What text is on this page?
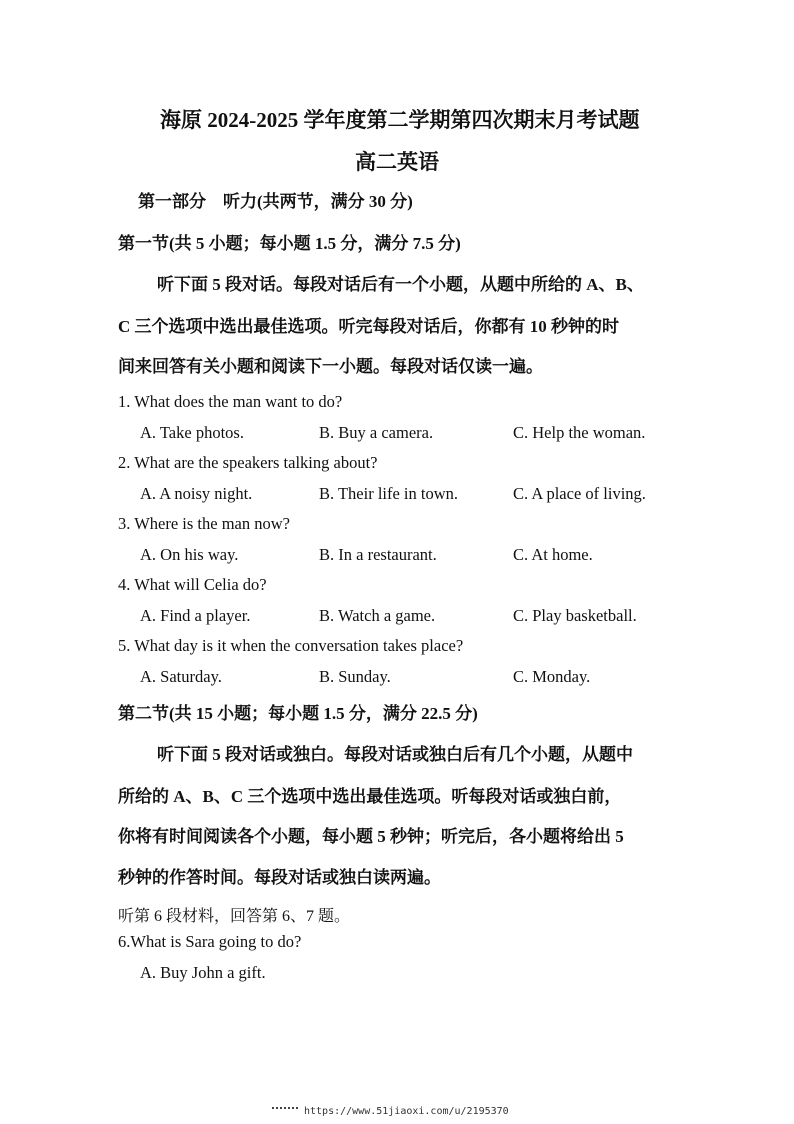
海原 2024-2025 学年度第二学期第四次期末月考试题
高二英语
第一部分　听力(共两节，满分 30 分)
第一节(共 5 小题；每小题 1.5 分，满分 7.5 分)
听下面 5 段对话。每段对话后有一个小题，从题中所给的 A、B、
C 三个选项中选出最佳选项。听完每段对话后，你都有 10 秒钟的时
间来回答有关小题和阅读下一小题。每段对话仅读一遍。
1. What does the man want to do?
A. Take photos.	B. Buy a camera.	C. Help the woman.
2. What are the speakers talking about?
A. A noisy night.	B. Their life in town.	C. A place of living.
3. Where is the man now?
A. On his way.	B. In a restaurant.	C. At home.
4. What will Celia do?
A. Find a player.	B. Watch a game.	C. Play basketball.
5. What day is it when the conversation takes place?
A. Saturday.	B. Sunday.	C. Monday.
第二节(共 15 小题；每小题 1.5 分，满分 22.5 分)
听下面 5 段对话或独白。每段对话或独白后有几个小题，从题中
所给的 A、B、C 三个选项中选出最佳选项。听每段对话或独白前，
你将有时间阅读各个小题，每小题 5 秒钟；听完后，各小题将给出 5
秒钟的作答时间。每段对话或独白读两遍。
听第 6 段材料，回答第 6、7 题。
6.What is Sara going to do?
A. Buy John a gift.
https://www.51jiaoxi.com/u/2195370
